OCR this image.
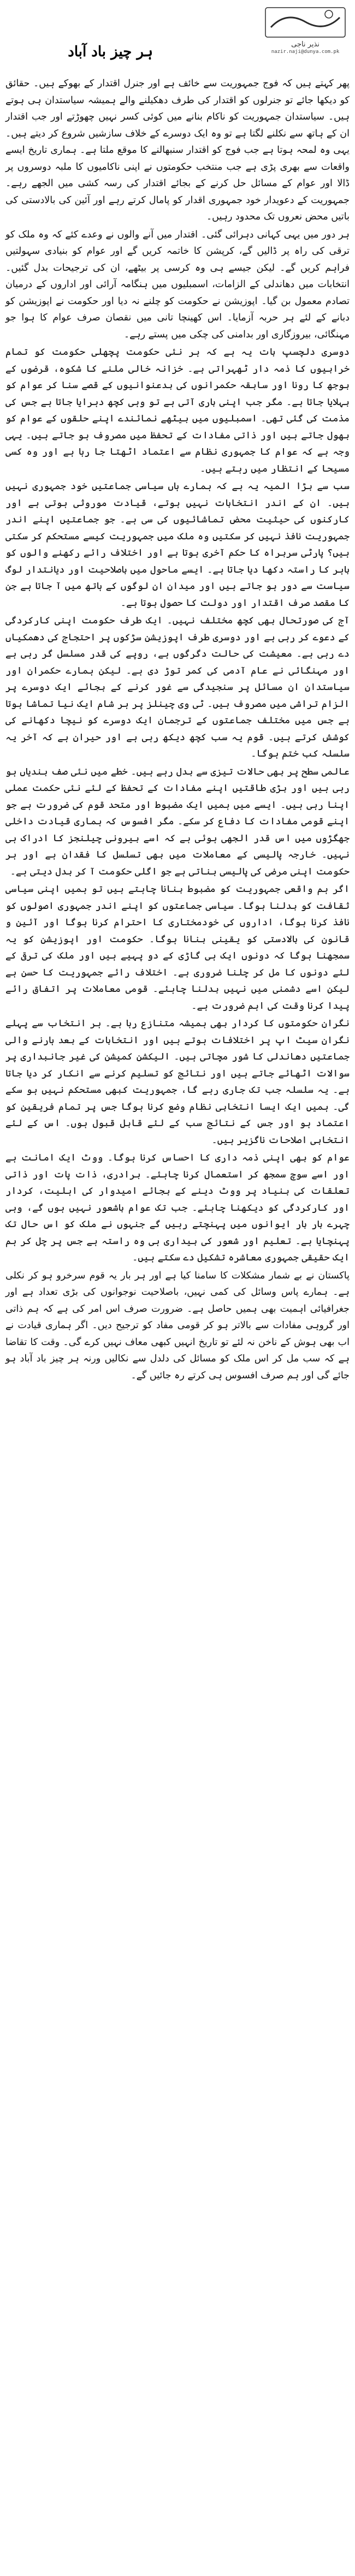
نذیر ناجی
nazir.naji@dunya.com.pk
ہر چیز باد آباد

پھر کہتے ہیں کہ فوج جمہوریت سے خائف ہے اور جنرل اقتدار کے بھوکے ہیں۔ حقائق کو دیکھا جائے تو جنرلوں کو اقتدار کی طرف دھکیلنے والے ہمیشہ سیاستدان ہی ہوتے ہیں۔ سیاستدان جمہوریت کو ناکام بنانے میں کوئی کسر نہیں چھوڑتے اور جب اقتدار ان کے ہاتھ سے نکلنے لگتا ہے تو وہ ایک دوسرے کے خلاف سازشیں شروع کر دیتے ہیں۔ یہی وہ لمحہ ہوتا ہے جب فوج کو اقتدار سنبھالنے کا موقع ملتا ہے۔ ہماری تاریخ ایسے واقعات سے بھری پڑی ہے جب منتخب حکومتوں نے اپنی ناکامیوں کا ملبہ دوسروں پر ڈالا اور عوام کے مسائل حل کرنے کے بجائے اقتدار کی رسہ کشی میں الجھے رہے۔ جمہوریت کے دعویدار خود جمہوری اقدار کو پامال کرتے رہے اور آئین کی بالادستی کی باتیں محض نعروں تک محدود رہیں۔

ہر دور میں یہی کہانی دہرائی گئی۔ اقتدار میں آنے والوں نے وعدے کئے کہ وہ ملک کو ترقی کی راہ پر ڈالیں گے، کرپشن کا خاتمہ کریں گے اور عوام کو بنیادی سہولتیں فراہم کریں گے۔ لیکن جیسے ہی وہ کرسی پر بیٹھے، ان کی ترجیحات بدل گئیں۔ انتخابات میں دھاندلی کے الزامات، اسمبلیوں میں ہنگامہ آرائی اور اداروں کے درمیان تصادم معمول بن گیا۔ اپوزیشن نے حکومت کو چلنے نہ دیا اور حکومت نے اپوزیشن کو دبانے کے لئے ہر حربہ آزمایا۔ اس کھینچا تانی میں نقصان صرف عوام کا ہوا جو مہنگائی، بیروزگاری اور بدامنی کی چکی میں پستے رہے۔

دوسری دلچسپ بات یہ ہے کہ ہر نئی حکومت پچھلی حکومت کو تمام خرابیوں کا ذمہ دار ٹھہراتی ہے۔ خزانہ خالی ملنے کا شکوہ، قرضوں کے بوجھ کا رونا اور سابقہ حکمرانوں کی بدعنوانیوں کے قصے سنا کر عوام کو بہلایا جاتا ہے۔ مگر جب اپنی باری آتی ہے تو وہی کچھ دہرایا جاتا ہے جس کی مذمت کی گئی تھی۔ اسمبلیوں میں بیٹھے نمائندے اپنے حلقوں کے عوام کو بھول جاتے ہیں اور ذاتی مفادات کے تحفظ میں مصروف ہو جاتے ہیں۔ یہی وجہ ہے کہ عوام کا جمہوری نظام سے اعتماد اٹھتا جا رہا ہے اور وہ کسی مسیحا کے انتظار میں رہتے ہیں۔

سب سے بڑا المیہ یہ ہے کہ ہمارے ہاں سیاسی جماعتیں خود جمہوری نہیں ہیں۔ ان کے اندر انتخابات نہیں ہوتے، قیادت موروثی ہوتی ہے اور کارکنوں کی حیثیت محض تماشائیوں کی سی ہے۔ جو جماعتیں اپنے اندر جمہوریت نافذ نہیں کر سکتیں وہ ملک میں جمہوریت کیسے مستحکم کر سکتی ہیں؟ پارٹی سربراہ کا حکم آخری ہوتا ہے اور اختلاف رائے رکھنے والوں کو باہر کا راستہ دکھا دیا جاتا ہے۔ ایسے ماحول میں باصلاحیت اور دیانتدار لوگ سیاست سے دور ہو جاتے ہیں اور میدان ان لوگوں کے ہاتھ میں آ جاتا ہے جن کا مقصد صرف اقتدار اور دولت کا حصول ہوتا ہے۔

آج کی صورتحال بھی کچھ مختلف نہیں۔ ایک طرف حکومت اپنی کارکردگی کے دعوے کر رہی ہے اور دوسری طرف اپوزیشن سڑکوں پر احتجاج کی دھمکیاں دے رہی ہے۔ معیشت کی حالت دگرگوں ہے، روپے کی قدر مسلسل گر رہی ہے اور مہنگائی نے عام آدمی کی کمر توڑ دی ہے۔ لیکن ہمارے حکمران اور سیاستدان ان مسائل پر سنجیدگی سے غور کرنے کے بجائے ایک دوسرے پر الزام تراشی میں مصروف ہیں۔ ٹی وی چینلز پر ہر شام ایک نیا تماشا ہوتا ہے جس میں مختلف جماعتوں کے ترجمان ایک دوسرے کو نیچا دکھانے کی کوشش کرتے ہیں۔ قوم یہ سب کچھ دیکھ رہی ہے اور حیران ہے کہ آخر یہ سلسلہ کب ختم ہوگا۔

عالمی سطح پر بھی حالات تیزی سے بدل رہے ہیں۔ خطے میں نئی صف بندیاں ہو رہی ہیں اور بڑی طاقتیں اپنے مفادات کے تحفظ کے لئے نئی حکمت عملی اپنا رہی ہیں۔ ایسے میں ہمیں ایک مضبوط اور متحد قوم کی ضرورت ہے جو اپنے قومی مفادات کا دفاع کر سکے۔ مگر افسوس کہ ہماری قیادت داخلی جھگڑوں میں اس قدر الجھی ہوئی ہے کہ اسے بیرونی چیلنجز کا ادراک ہی نہیں۔ خارجہ پالیسی کے معاملات میں بھی تسلسل کا فقدان ہے اور ہر حکومت اپنی مرضی کی پالیسی بناتی ہے جو اگلی حکومت آ کر بدل دیتی ہے۔

اگر ہم واقعی جمہوریت کو مضبوط بنانا چاہتے ہیں تو ہمیں اپنی سیاسی ثقافت کو بدلنا ہوگا۔ سیاسی جماعتوں کو اپنے اندر جمہوری اصولوں کو نافذ کرنا ہوگا، اداروں کی خودمختاری کا احترام کرنا ہوگا اور آئین و قانون کی بالادستی کو یقینی بنانا ہوگا۔ حکومت اور اپوزیشن کو یہ سمجھنا ہوگا کہ دونوں ایک ہی گاڑی کے دو پہیے ہیں اور ملک کی ترقی کے لئے دونوں کا مل کر چلنا ضروری ہے۔ اختلاف رائے جمہوریت کا حسن ہے لیکن اسے دشمنی میں نہیں بدلنا چاہئے۔ قومی معاملات پر اتفاق رائے پیدا کرنا وقت کی اہم ضرورت ہے۔

نگران حکومتوں کا کردار بھی ہمیشہ متنازع رہا ہے۔ ہر انتخاب سے پہلے نگران سیٹ اپ پر اختلافات ہوتے ہیں اور انتخابات کے بعد ہارنے والی جماعتیں دھاندلی کا شور مچاتی ہیں۔ الیکشن کمیشن کی غیر جانبداری پر سوالات اٹھائے جاتے ہیں اور نتائج کو تسلیم کرنے سے انکار کر دیا جاتا ہے۔ یہ سلسلہ جب تک جاری رہے گا، جمہوریت کبھی مستحکم نہیں ہو سکے گی۔ ہمیں ایک ایسا انتخابی نظام وضع کرنا ہوگا جس پر تمام فریقین کو اعتماد ہو اور جس کے نتائج سب کے لئے قابل قبول ہوں۔ اس کے لئے انتخابی اصلاحات ناگزیر ہیں۔

عوام کو بھی اپنی ذمہ داری کا احساس کرنا ہوگا۔ ووٹ ایک امانت ہے اور اسے سوچ سمجھ کر استعمال کرنا چاہئے۔ برادری، ذات پات اور ذاتی تعلقات کی بنیاد پر ووٹ دینے کے بجائے امیدوار کی اہلیت، کردار اور کارکردگی کو دیکھنا چاہئے۔ جب تک عوام باشعور نہیں ہوں گے، وہی چہرے بار بار ایوانوں میں پہنچتے رہیں گے جنہوں نے ملک کو اس حال تک پہنچایا ہے۔ تعلیم اور شعور کی بیداری ہی وہ راستہ ہے جس پر چل کر ہم ایک حقیقی جمہوری معاشرہ تشکیل دے سکتے ہیں۔

پاکستان نے بے شمار مشکلات کا سامنا کیا ہے اور ہر بار یہ قوم سرخرو ہو کر نکلی ہے۔ ہمارے پاس وسائل کی کمی نہیں، باصلاحیت نوجوانوں کی بڑی تعداد ہے اور جغرافیائی اہمیت بھی ہمیں حاصل ہے۔ ضرورت صرف اس امر کی ہے کہ ہم ذاتی اور گروہی مفادات سے بالاتر ہو کر قومی مفاد کو ترجیح دیں۔ اگر ہماری قیادت نے اب بھی ہوش کے ناخن نہ لئے تو تاریخ انہیں کبھی معاف نہیں کرے گی۔ وقت کا تقاضا ہے کہ سب مل کر اس ملک کو مسائل کی دلدل سے نکالیں ورنہ ہر چیز باد آباد ہو جائے گی اور ہم صرف افسوس ہی کرتے رہ جائیں گے۔
